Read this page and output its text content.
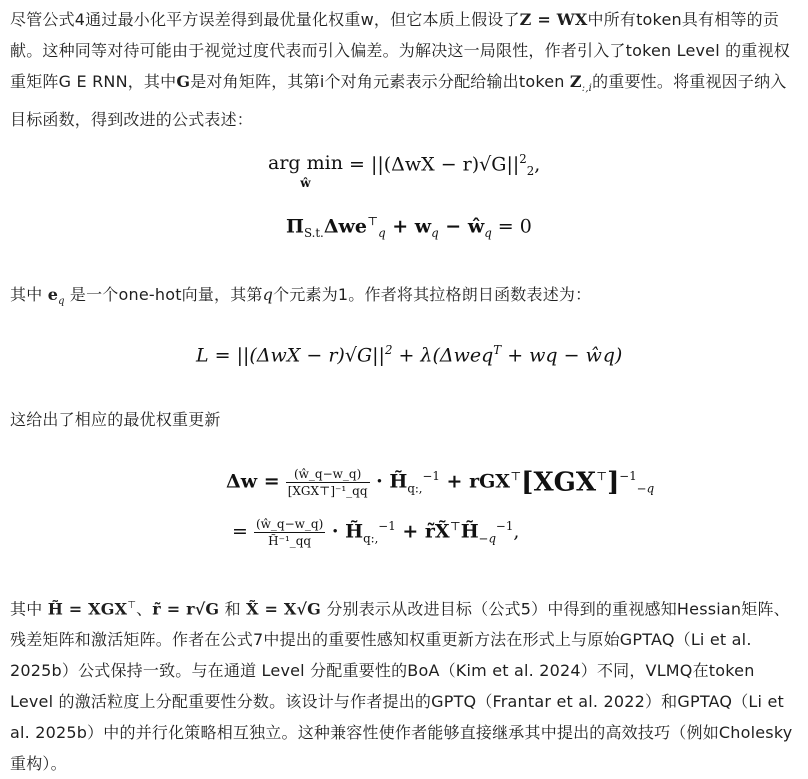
尽管公式4通过最小化平方误差得到最优量化权重w，但它本质上假设了Z = WX中所有token具有相等的贡献。这种同等对待可能由于视觉过度代表而引入偏差。为解决这一局限性，作者引入了token Level 的重视权重矩阵G E RNN，其中G是对角矩阵，其第i个对角元素表示分配给输出token $Z_{:,i}$的重要性。将重视因子纳入目标函数，得到改进的公式表述：

arg min
$^ŵ = ||(\Delta wX - r)√G||^2_2$,
$\Pi_{S.t.}\Delta we^⊤_q + w_q$ − $ŵ_q = 0$

其中 $e_q$ 是一个one-hot向量，其第q个元素为1。作者将其拉格朗日函数表述为：

$L = ||(\Delta wX - r)√G||^2 + \lambda(\Delta weq^T$ + wq − ŵq)

这给出了相应的最优权重更新

$\Delta w = \frac{(ŵ\_q-w\_q)}{\text{[XGX⊤]⁻¹\_qq}}$ · $H̃_{q:,}^{-1} + rGX^⊤[XGX^⊤]^{-1}_{-q}$
= $\frac{(ŵ\_q-w\_q)}{\text{H̃⁻¹\_qq}}$ · $H̃_{q:,}^{-1}$ + $r̃X̃^⊤H̃_{-q}^{-1}$,

其中 H̃ = XGX⊤、r̃ = r√G 和 X̃ = X√G 分别表示从改进目标（公式5）中得到的重视感知Hessian矩阵、残差矩阵和激活矩阵。作者在公式7中提出的重要性感知权重更新方法在形式上与原始GPTAQ（Li et al. 2025b）公式保持一致。与在通道 Level 分配重要性的BoA（Kim et al. 2024）不同，VLMQ在token Level 的激活粒度上分配重要性分数。该设计与作者提出的GPTQ（Frantar et al. 2022）和GPTAQ（Li et al. 2025b）中的并行化策略相互独立。这种兼容性使作者能够直接继承其中提出的高效技巧（例如Cholesky重构）。
